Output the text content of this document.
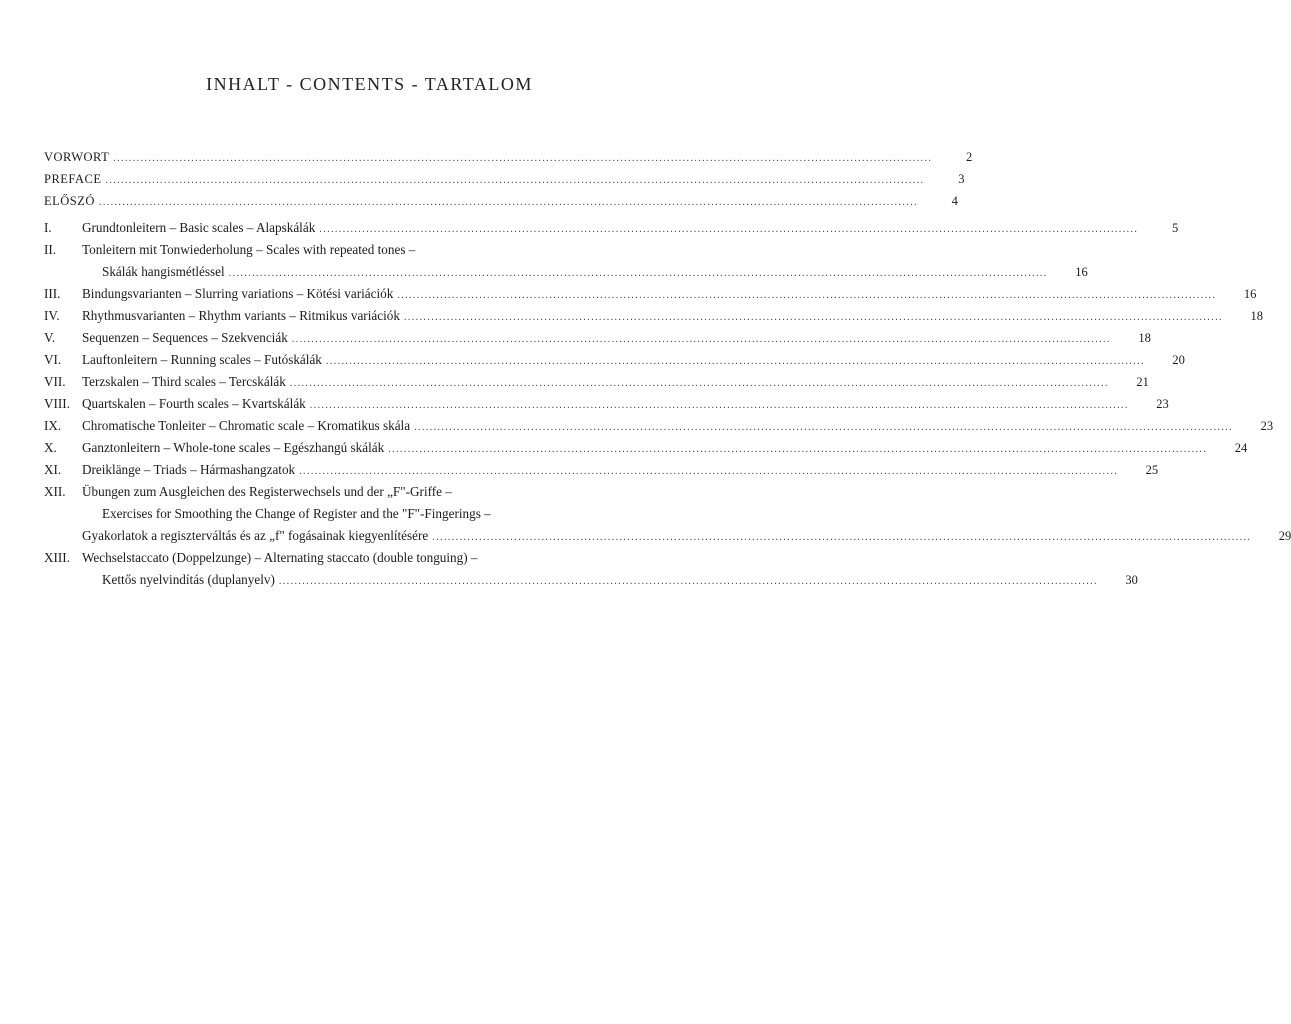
INHALT - CONTENTS - TARTALOM
VORWORT .....	2
PREFACE .....	3
ELŐSZÓ .....	4
I.	Grundtonleitern – Basic scales – Alapskálák .....	5
II.	Tonleitern mit Tonwiederholung – Scales with repeated tones –
Skálák hangismétléssel .....	16
III.	Bindungsvarianten – Slurring variations – Kötési variációk .....	16
IV.	Rhythmusvarianten – Rhythm variants – Ritmikus variációk .....	18
V.	Sequenzen – Sequences – Szekvenciák .....	18
VI.	Lauftonleitern – Running scales – Futóskálák .....	20
VII.	Terzskalen – Third scales – Tercskálák .....	21
VIII. Quartskalen – Fourth scales – Kvartskálák .....	23
IX.	Chromatische Tonleiter – Chromatic scale – Kromatikus skála .....	23
X.	Ganztonleitern – Whole-tone scales – Egészhangú skálák .....	24
XI.	Dreiklänge – Triads – Hármashangzatok .....	25
XII.	Übungen zum Ausgleichen des Registerwechsels und der „F"-Griffe –
Exercises for Smoothing the Change of Register and the "F"-Fingerings –
Gyakorlatok a regiszterváltás és az „f" fogásainak kiegyenlítésére .....	29
XIII. Wechselstaccato (Doppelzunge) – Alternating staccato (double tonguing) –
Kettős nyelvindítás (duplanyelv) .....	30
